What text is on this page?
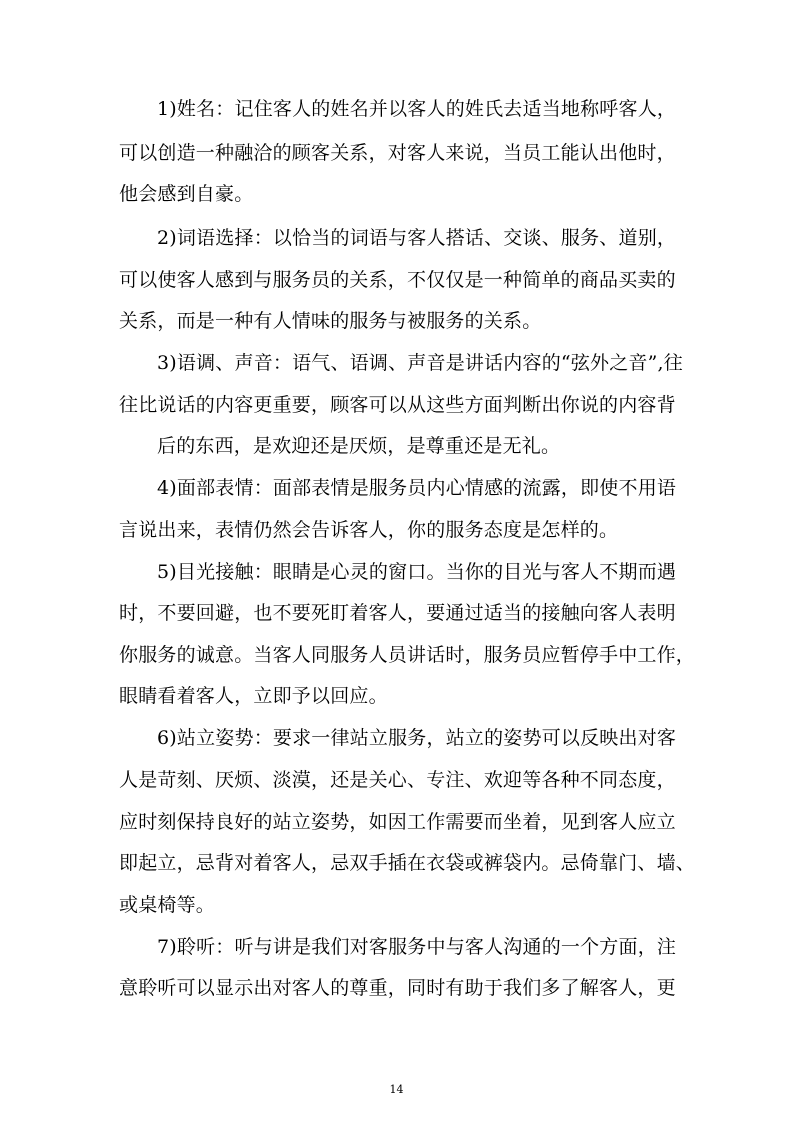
1)姓名：记住客人的姓名并以客人的姓氏去适当地称呼客人，
可以创造一种融洽的顾客关系，对客人来说，当员工能认出他时，
他会感到自豪。
2)词语选择：以恰当的词语与客人搭话、交谈、服务、道别，
可以使客人感到与服务员的关系，不仅仅是一种简单的商品买卖的
关系，而是一种有人情味的服务与被服务的关系。
3)语调、声音：语气、语调、声音是讲话内容的“弦外之音”,往
往比说话的内容更重要，顾客可以从这些方面判断出你说的内容背
后的东西，是欢迎还是厌烦，是尊重还是无礼。
4)面部表情：面部表情是服务员内心情感的流露，即使不用语
言说出来，表情仍然会告诉客人，你的服务态度是怎样的。
5)目光接触：眼睛是心灵的窗口。当你的目光与客人不期而遇
时，不要回避，也不要死盯着客人，要通过适当的接触向客人表明
你服务的诚意。当客人同服务人员讲话时，服务员应暂停手中工作，
眼睛看着客人，立即予以回应。
6)站立姿势：要求一律站立服务，站立的姿势可以反映出对客
人是苛刻、厌烦、淡漠，还是关心、专注、欢迎等各种不同态度，
应时刻保持良好的站立姿势，如因工作需要而坐着，见到客人应立
即起立，忌背对着客人，忌双手插在衣袋或裤袋内。忌倚靠门、墙、
或桌椅等。
7)聆听：听与讲是我们对客服务中与客人沟通的一个方面，注
意聆听可以显示出对客人的尊重，同时有助于我们多了解客人，更
14
